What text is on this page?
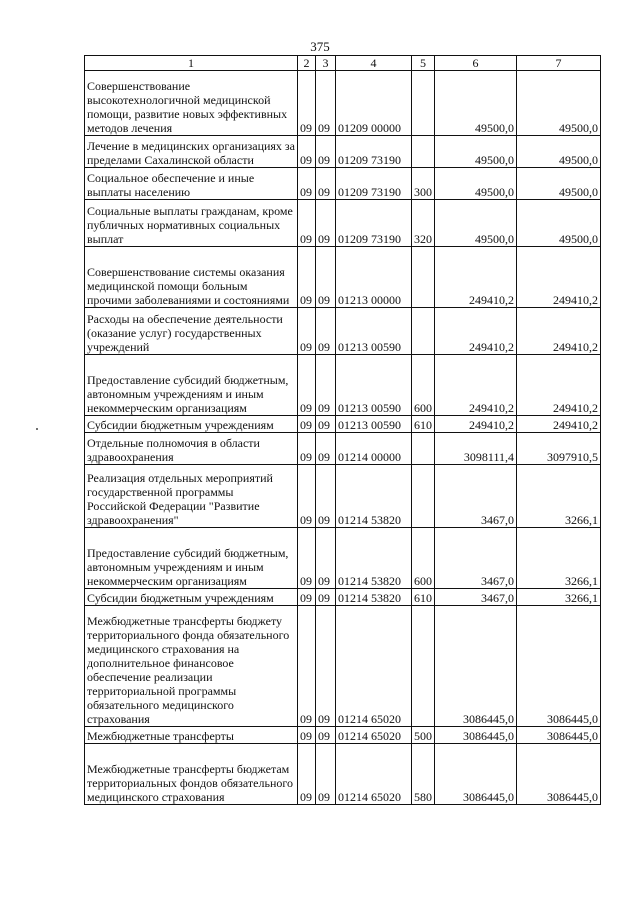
375
1	2	3	4	5	6	7
Совершенствование высокотехнологичной медицинской помощи, развитие новых эффективных методов лечения	09	09	01209 00000		49500,0	49500,0
Лечение в медицинских организациях за пределами Сахалинской области	09	09	01209 73190		49500,0	49500,0
Социальное обеспечение и иные выплаты населению	09	09	01209 73190	300	49500,0	49500,0
Социальные выплаты гражданам, кроме публичных нормативных социальных выплат	09	09	01209 73190	320	49500,0	49500,0
Совершенствование системы оказания медицинской помощи больным прочими заболеваниями и состояниями	09	09	01213 00000		249410,2	249410,2
Расходы на обеспечение деятельности (оказание услуг) государственных учреждений	09	09	01213 00590		249410,2	249410,2
Предоставление субсидий бюджетным, автономным учреждениям и иным некоммерческим организациям	09	09	01213 00590	600	249410,2	249410,2
Субсидии бюджетным учреждениям	09	09	01213 00590	610	249410,2	249410,2
Отдельные полномочия в области здравоохранения	09	09	01214 00000		3098111,4	3097910,5
Реализация отдельных мероприятий государственной программы Российской Федерации "Развитие здравоохранения"	09	09	01214 53820		3467,0	3266,1
Предоставление субсидий бюджетным, автономным учреждениям и иным некоммерческим организациям	09	09	01214 53820	600	3467,0	3266,1
Субсидии бюджетным учреждениям	09	09	01214 53820	610	3467,0	3266,1
Межбюджетные трансферты бюджету территориального фонда обязательного медицинского страхования на дополнительное финансовое обеспечение реализации территориальной программы обязательного медицинского страхования	09	09	01214 65020		3086445,0	3086445,0
Межбюджетные трансферты	09	09	01214 65020	500	3086445,0	3086445,0
Межбюджетные трансферты бюджетам территориальных фондов обязательного медицинского страхования	09	09	01214 65020	580	3086445,0	3086445,0
